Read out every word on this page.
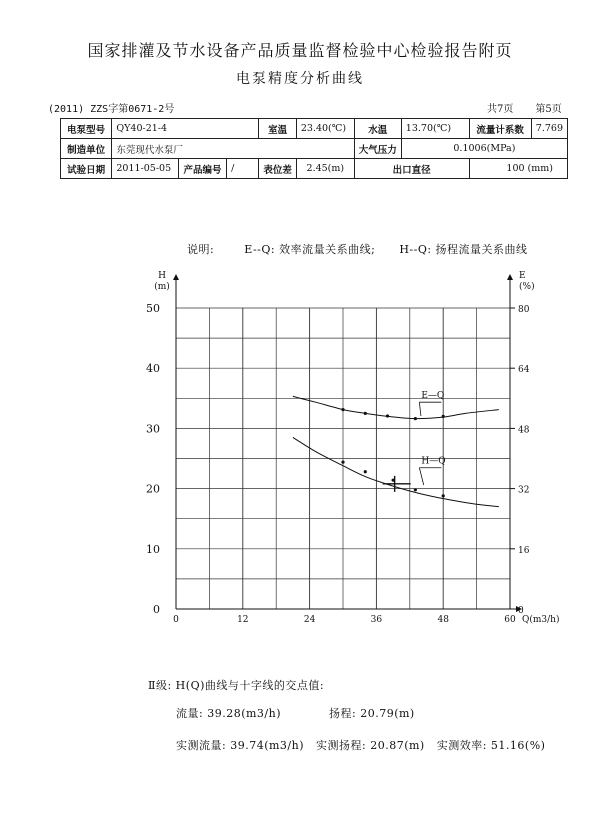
国家排灌及节水设备产品质量监督检验中心检验报告附页
电泵精度分析曲线
(2011) ZZS字第0671-2号	共7页 第5页
电泵型号	QY40-21-4			室温	23.40(℃)	水温	13.70(℃)	流量计系数	7.769
制造单位	东莞现代水泵厂					大气压力	0.1006(MPa)		
试验日期	2011-05-05	产品编号	/	表位差	2.45(m)	出口直径		100 (mm)	
说明:	E--Q: 效率流量关系曲线; H--Q: 扬程流量关系曲线
0	12	24	36	48	60
0
10
20
30
40
50
0
16
32
48
64
80
H
(m)
E
(%)
Q(m3/h)
E—Q
H—Q
Ⅱ级: H(Q)曲线与十字线的交点值:
流量: 39.28(m3/h)	扬程: 20.79(m)
实测流量: 39.74(m3/h) 实测扬程: 20.87(m) 实测效率: 51.16(%)
